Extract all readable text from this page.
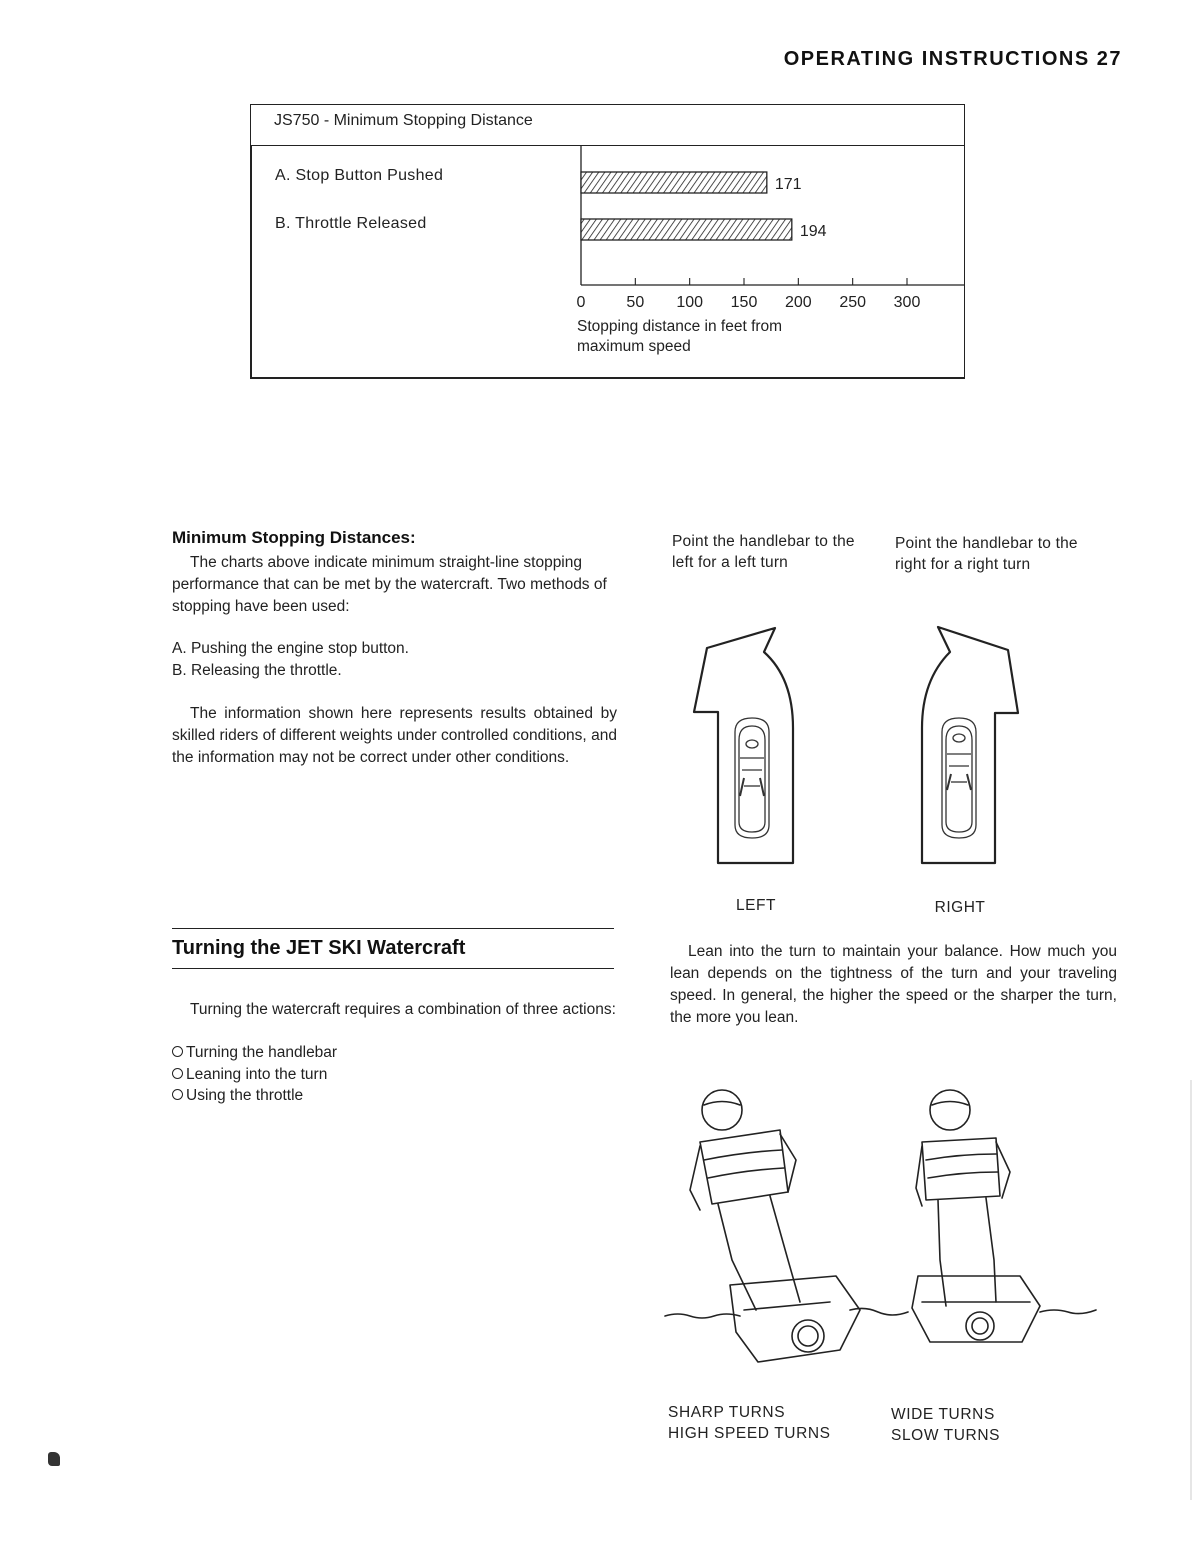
OPERATING INSTRUCTIONS 27
JS750 - Minimum Stopping Distance
A. Stop Button Pushed
B. Throttle Released
171
194
0	50 100 150 200 250 300
Stopping distance in feet from
maximum speed
Minimum Stopping Distances:

The charts above indicate minimum straight-line stopping performance that can be met by the watercraft. Two methods of stopping have been used:

A. Pushing the engine stop button.

B. Releasing the throttle.

The information shown here represents results obtained by skilled riders of different weights under controlled conditions, and the information may not be correct under other conditions.

Turning the JET SKI Watercraft

Turning the watercraft requires a combination of three actions:

Turning the handlebar
Leaning into the turn
Using the throttle
Point the handlebar to the left for a left turn
Point the handlebar to the right for a right turn
LEFT	RIGHT

Lean into the turn to maintain your balance. How much you lean depends on the tightness of the turn and your traveling speed. In general, the higher the speed or the sharper the turn, the more you lean.

SHARP TURNS
HIGH SPEED TURNS
WIDE TURNS
SLOW TURNS
